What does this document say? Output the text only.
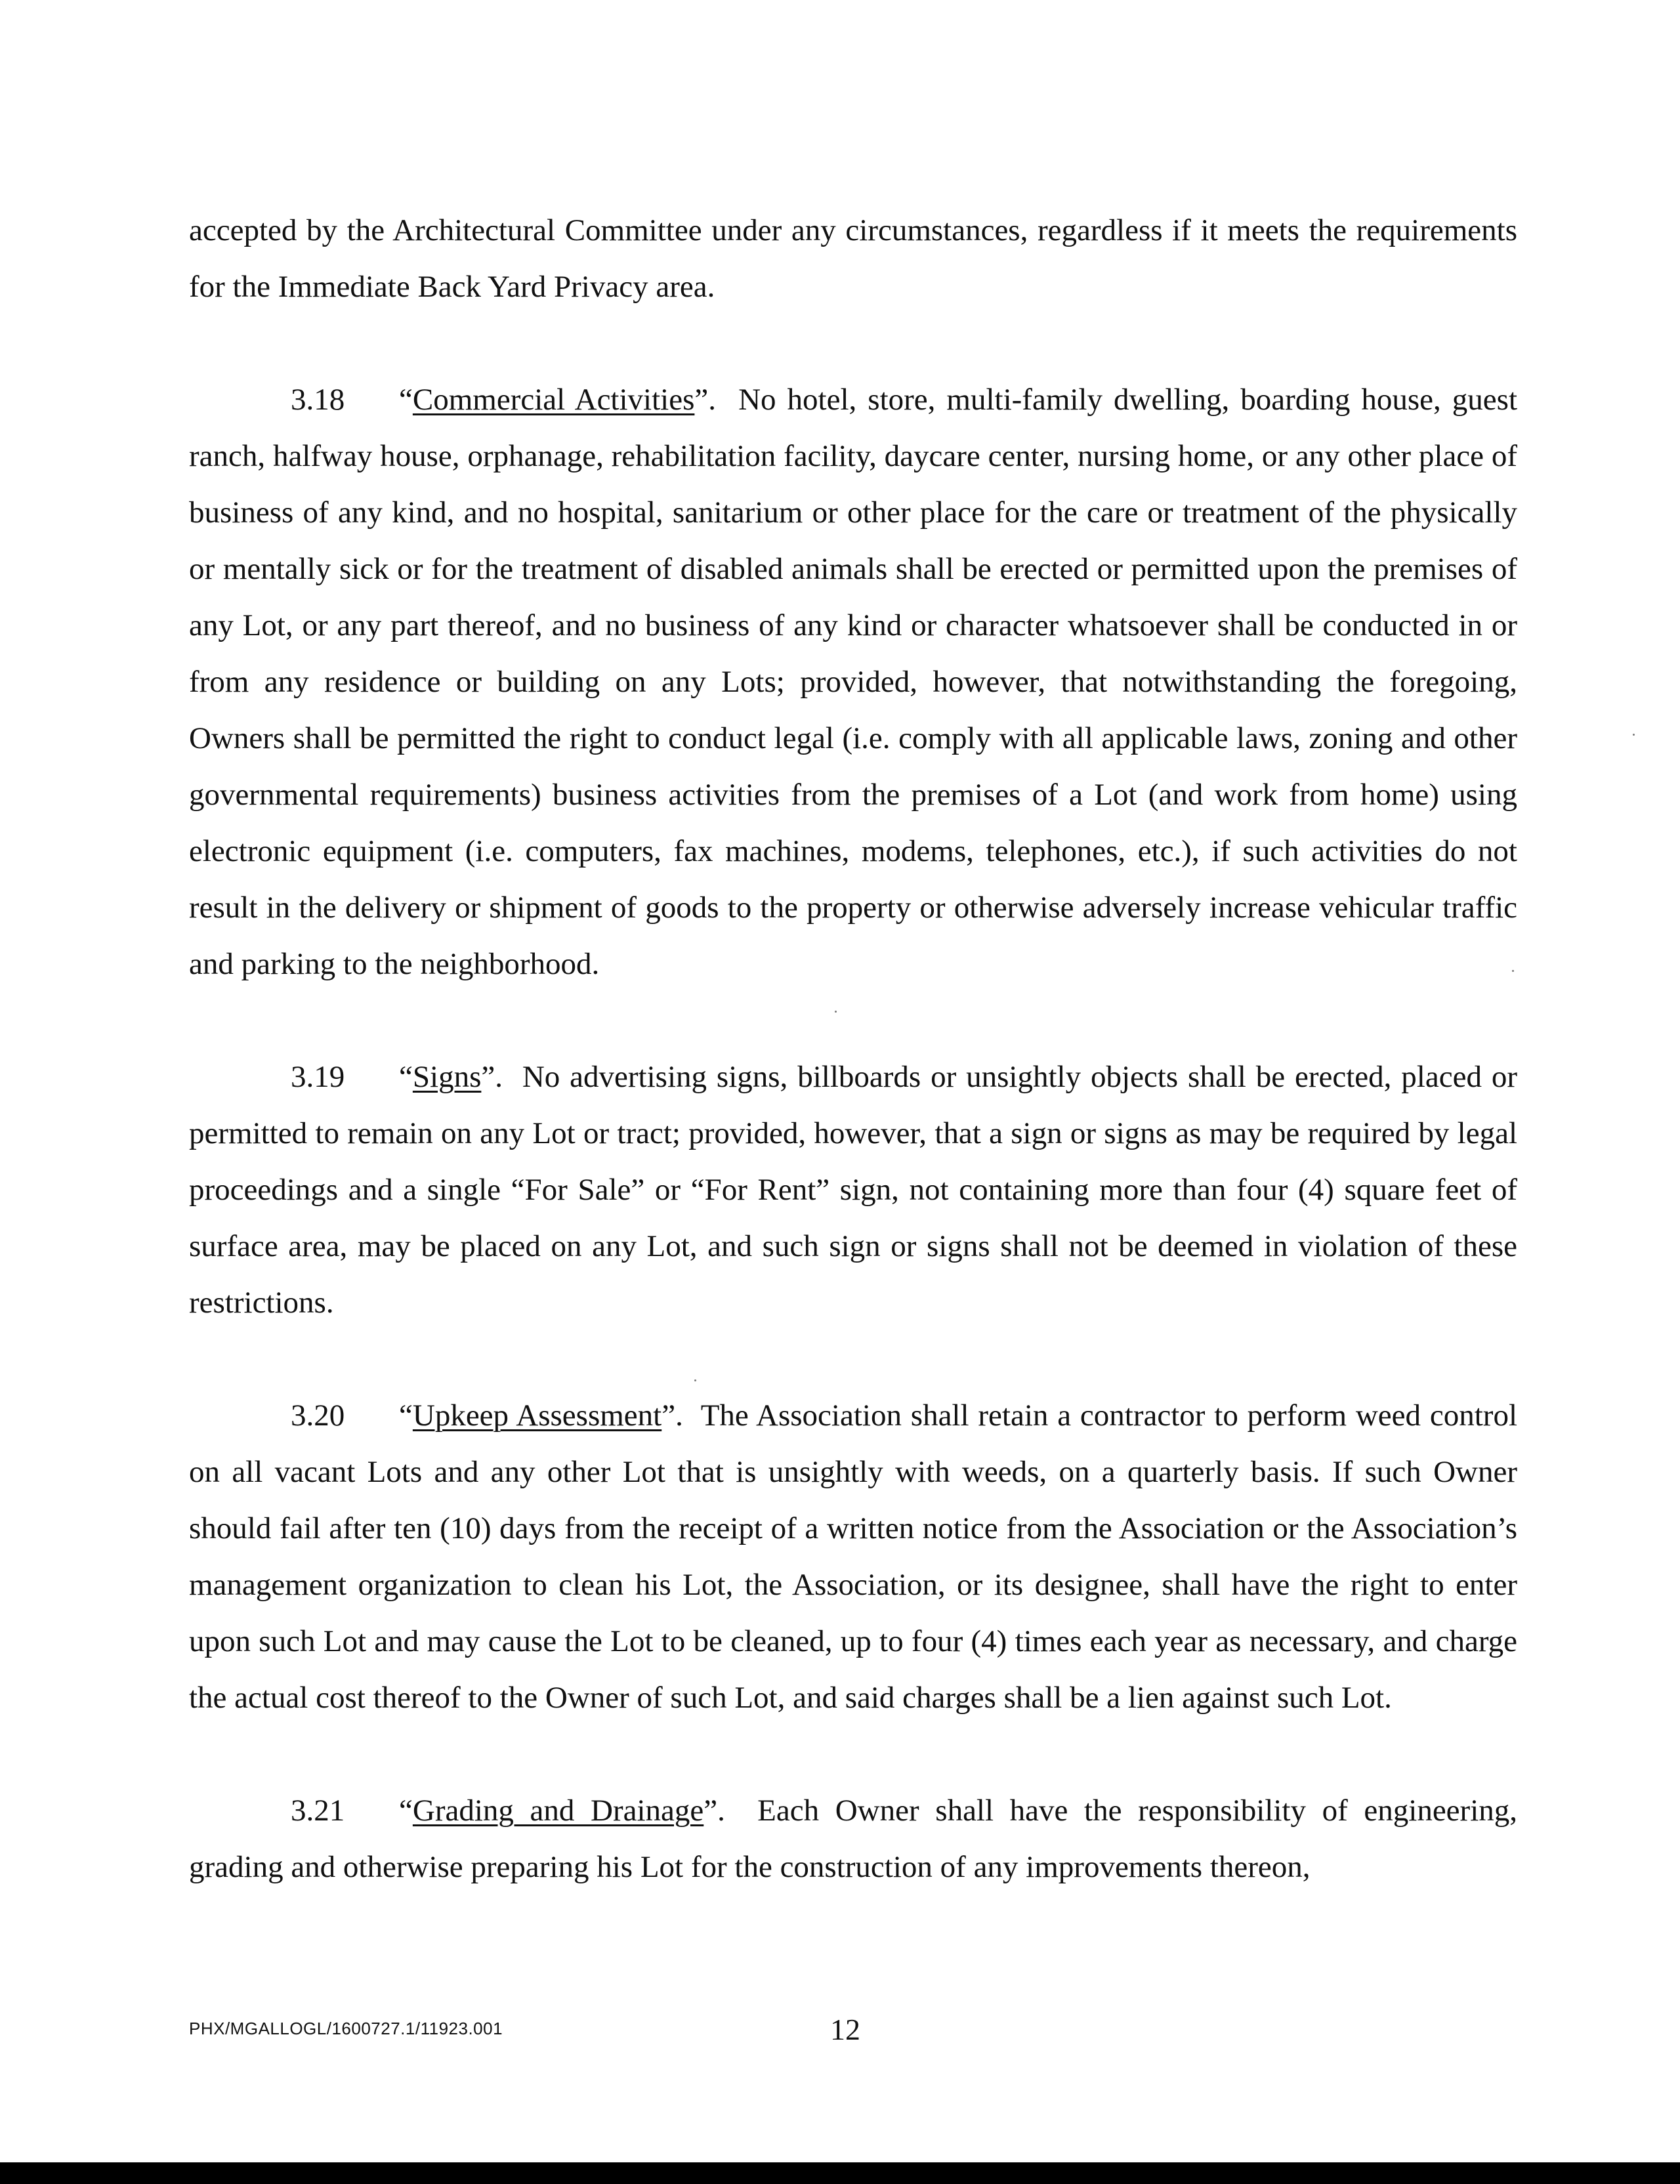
accepted by the Architectural Committee under any circumstances, regardless if it meets the requirements for the Immediate Back Yard Privacy area.

3.18 “Commercial Activities”. No hotel, store, multi-family dwelling, boarding house, guest ranch, halfway house, orphanage, rehabilitation facility, daycare center, nursing home, or any other place of business of any kind, and no hospital, sanitarium or other place for the care or treatment of the physically or mentally sick or for the treatment of disabled animals shall be erected or permitted upon the premises of any Lot, or any part thereof, and no business of any kind or character whatsoever shall be conducted in or from any residence or building on any Lots; provided, however, that notwithstanding the foregoing, Owners shall be permitted the right to conduct legal (i.e. comply with all applicable laws, zoning and other governmental requirements) business activities from the premises of a Lot (and work from home) using electronic equipment (i.e. computers, fax machines, modems, telephones, etc.), if such activities do not result in the delivery or shipment of goods to the property or otherwise adversely increase vehicular traffic and parking to the neighborhood.

3.19 “Signs”. No advertising signs, billboards or unsightly objects shall be erected, placed or permitted to remain on any Lot or tract; provided, however, that a sign or signs as may be required by legal proceedings and a single “For Sale” or “For Rent” sign, not containing more than four (4) square feet of surface area, may be placed on any Lot, and such sign or signs shall not be deemed in violation of these restrictions.

3.20 “Upkeep Assessment”. The Association shall retain a contractor to perform weed control on all vacant Lots and any other Lot that is unsightly with weeds, on a quarterly basis. If such Owner should fail after ten (10) days from the receipt of a written notice from the Association or the Association’s management organization to clean his Lot, the Association, or its designee, shall have the right to enter upon such Lot and may cause the Lot to be cleaned, up to four (4) times each year as necessary, and charge the actual cost thereof to the Owner of such Lot, and said charges shall be a lien against such Lot.

3.21 “Grading and Drainage”. Each Owner shall have the responsibility of engineering, grading and otherwise preparing his Lot for the construction of any improvements thereon,

PHX/MGALLOGL/1600727.1/11923.001	12
